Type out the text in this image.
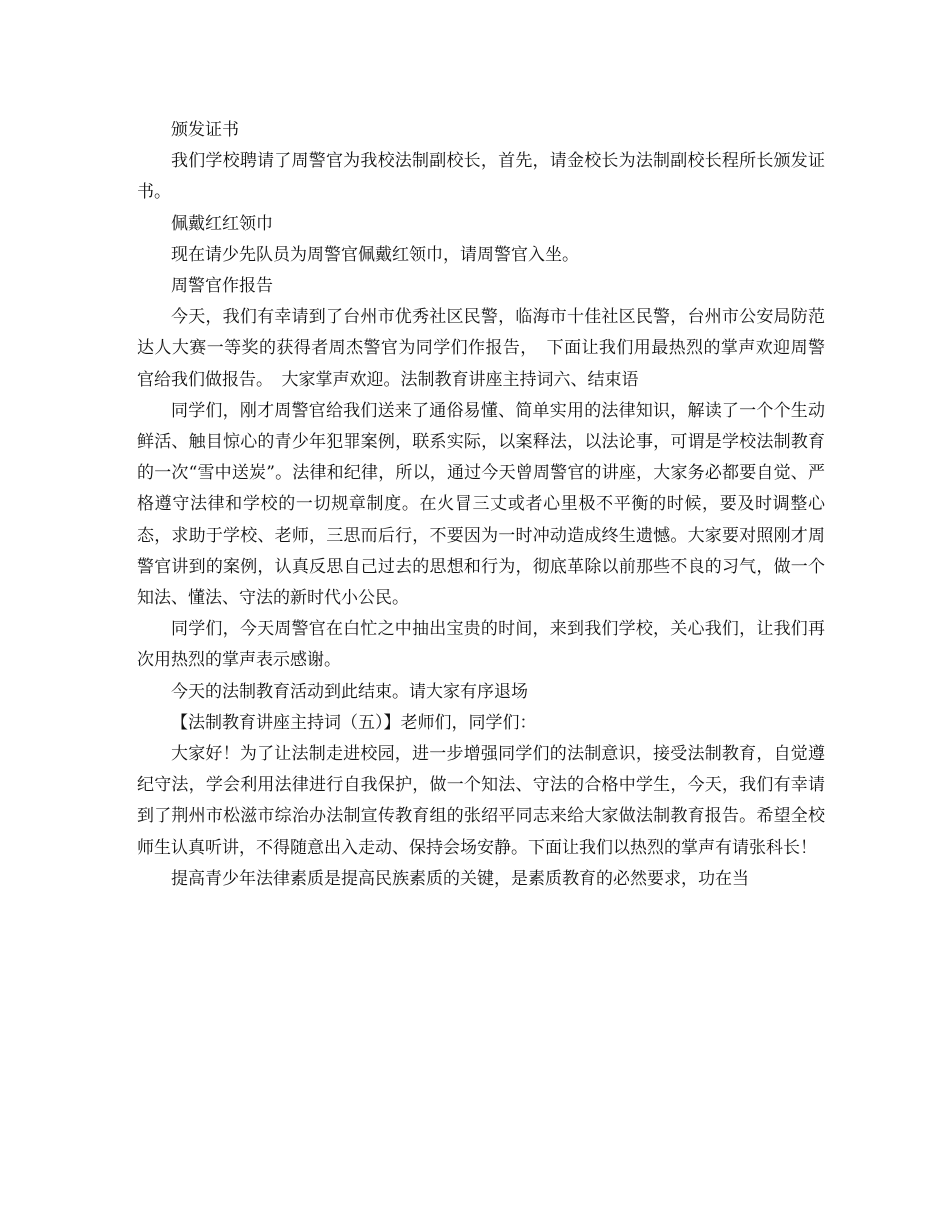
颁发证书

我们学校聘请了周警官为我校法制副校长，首先，请金校长为法制副校长程所长颁发证书。

佩戴红红领巾

现在请少先队员为周警官佩戴红领巾，请周警官入坐。

周警官作报告

今天，我们有幸请到了台州市优秀社区民警，临海市十佳社区民警，台州市公安局防范达人大赛一等奖的获得者周杰警官为同学们作报告，　下面让我们用最热烈的掌声欢迎周警官给我们做报告。　大家掌声欢迎。法制教育讲座主持词六、结束语

同学们，刚才周警官给我们送来了通俗易懂、简单实用的法律知识，解读了一个个生动鲜活、触目惊心的青少年犯罪案例，联系实际，以案释法，以法论事，可谓是学校法制教育的一次“雪中送炭”。法律和纪律，所以，通过今天曾周警官的讲座，大家务必都要自觉、严格遵守法律和学校的一切规章制度。在火冒三丈或者心里极不平衡的时候，要及时调整心态，求助于学校、老师，三思而后行，不要因为一时冲动造成终生遗憾。大家要对照刚才周警官讲到的案例，认真反思自己过去的思想和行为，彻底革除以前那些不良的习气，做一个知法、懂法、守法的新时代小公民。

同学们，今天周警官在白忙之中抽出宝贵的时间，来到我们学校，关心我们，让我们再次用热烈的掌声表示感谢。

今天的法制教育活动到此结束。请大家有序退场

【法制教育讲座主持词（五）】老师们，同学们：

大家好！为了让法制走进校园，进一步增强同学们的法制意识，接受法制教育，自觉遵纪守法，学会利用法律进行自我保护，做一个知法、守法的合格中学生，今天，我们有幸请到了荆州市松滋市综治办法制宣传教育组的张绍平同志来给大家做法制教育报告。希望全校师生认真听讲，不得随意出入走动、保持会场安静。下面让我们以热烈的掌声有请张科长！

提高青少年法律素质是提高民族素质的关键，是素质教育的必然要求，功在当
